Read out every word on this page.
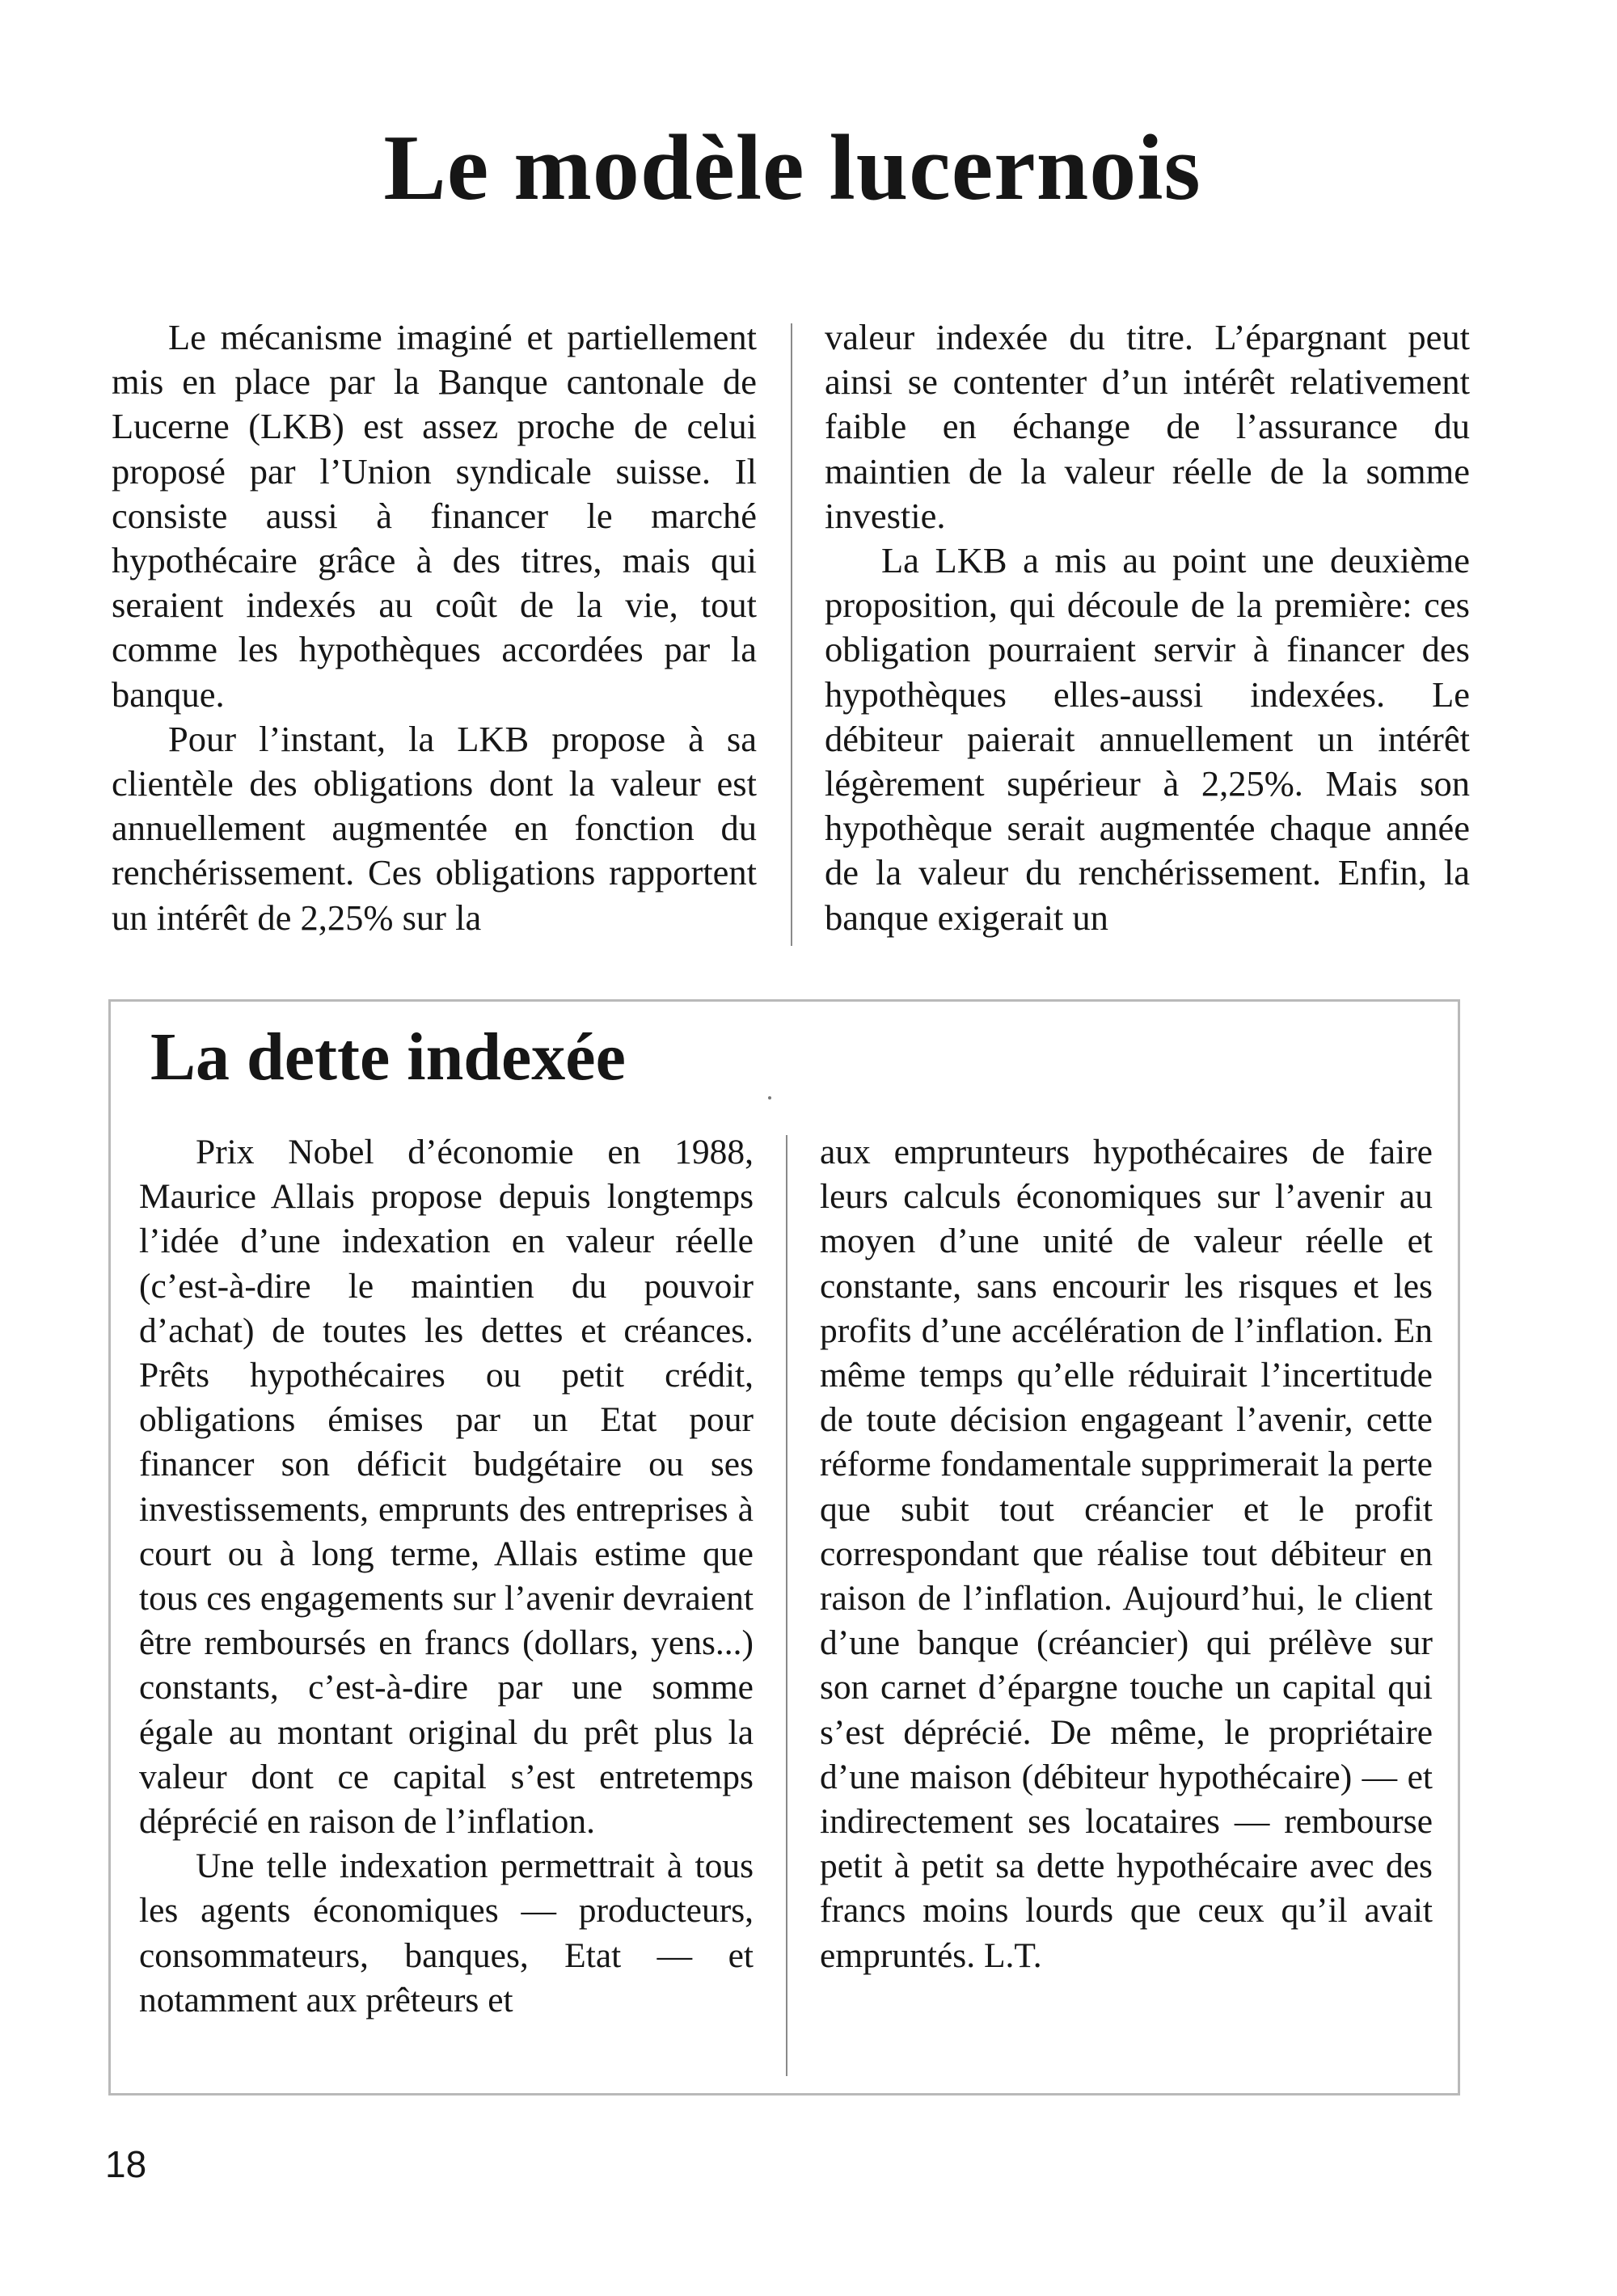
Le modèle lucernois

Le mécanisme imaginé et partiellement mis en place par la Banque cantonale de Lucerne (LKB) est assez proche de celui proposé par l’Union syndicale suisse. Il consiste aussi à financer le marché hypothécaire grâce à des titres, mais qui seraient indexés au coût de la vie, tout comme les hypothèques accordées par la banque.

Pour l’instant, la LKB propose à sa clientèle des obligations dont la valeur est annuellement augmentée en fonction du renchérissement. Ces obligations rapportent un intérêt de 2,25% sur la

valeur indexée du titre. L’épargnant peut ainsi se contenter d’un intérêt relativement faible en échange de l’assurance du maintien de la valeur réelle de la somme investie.

La LKB a mis au point une deuxième proposition, qui découle de la première: ces obligation pourraient servir à financer des hypothèques elles-aussi indexées. Le débiteur paierait annuellement un intérêt légèrement supérieur à 2,25%. Mais son hypothèque serait augmentée chaque année de la valeur du renchérissement. Enfin, la banque exigerait un

La dette indexée

Prix Nobel d’économie en 1988, Maurice Allais propose depuis longtemps l’idée d’une indexation en valeur réelle (c’est-à-dire le maintien du pouvoir d’achat) de toutes les dettes et créances. Prêts hypothécaires ou petit crédit, obligations émises par un Etat pour financer son déficit budgétaire ou ses investissements, emprunts des entreprises à court ou à long terme, Allais estime que tous ces engagements sur l’avenir devraient être remboursés en francs (dollars, yens...) constants, c’est-à-dire par une somme égale au montant original du prêt plus la valeur dont ce capital s’est entretemps déprécié en raison de l’inflation.

Une telle indexation permettrait à tous les agents économiques — producteurs, consommateurs, banques, Etat — et notamment aux prêteurs et

aux emprunteurs hypothécaires de faire leurs calculs économiques sur l’avenir au moyen d’une unité de valeur réelle et constante, sans encourir les risques et les profits d’une accélération de l’inflation. En même temps qu’elle réduirait l’incertitude de toute décision engageant l’avenir, cette réforme fondamentale supprimerait la perte que subit tout créancier et le profit correspondant que réalise tout débiteur en raison de l’inflation. Aujourd’hui, le client d’une banque (créancier) qui prélève sur son carnet d’épargne touche un capital qui s’est déprécié. De même, le propriétaire d’une maison (débiteur hypothécaire) — et indirectement ses locataires — rembourse petit à petit sa dette hypothécaire avec des francs moins lourds que ceux qu’il avait empruntés. L.T.

18
